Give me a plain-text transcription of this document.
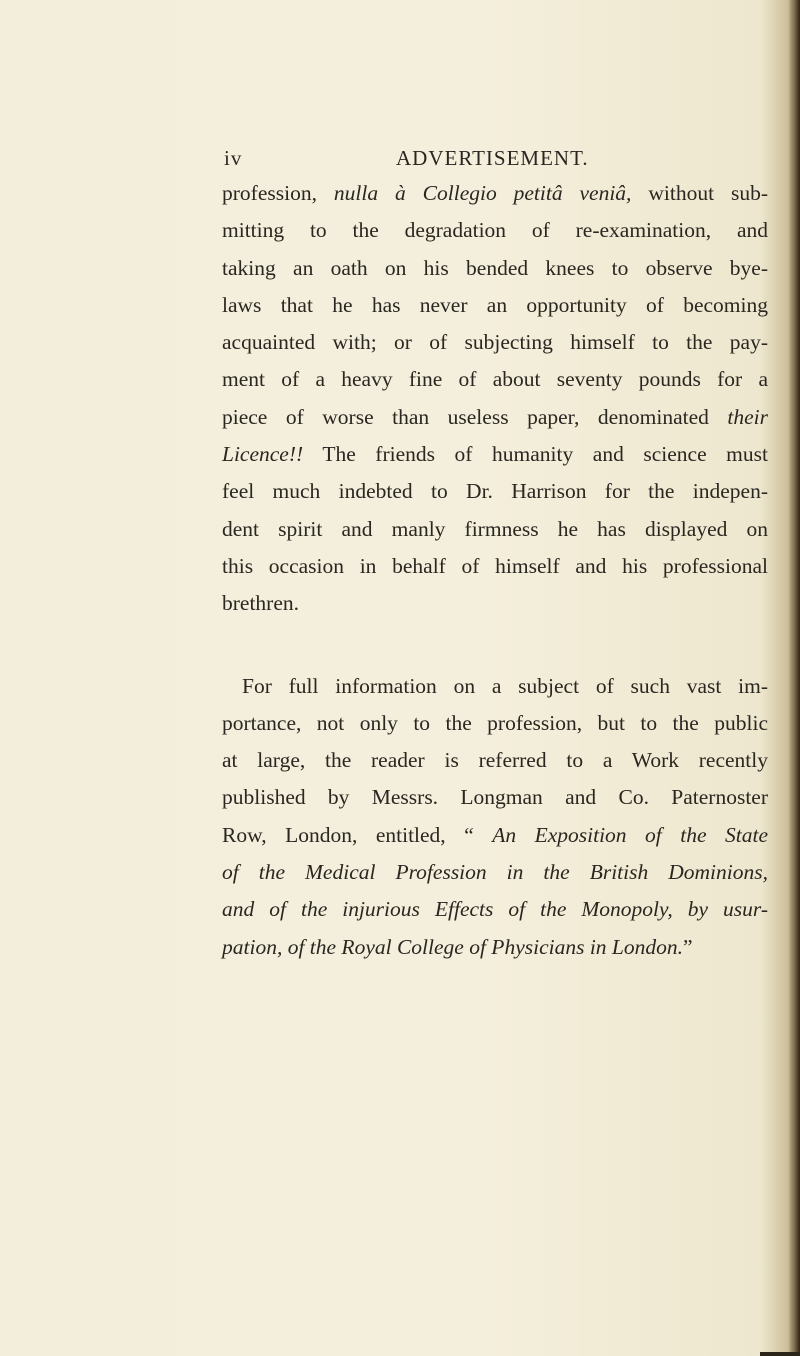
iv	ADVERTISEMENT.
profession, nulla à Collegio petitâ veniâ, without sub-
mitting to the degradation of re-examination, and
taking an oath on his bended knees to observe bye-
laws that he has never an opportunity of becoming
acquainted with; or of subjecting himself to the pay-
ment of a heavy fine of about seventy pounds for a
piece of worse than useless paper, denominated their
Licence!! The friends of humanity and science must
feel much indebted to Dr. Harrison for the indepen-
dent spirit and manly firmness he has displayed on
this occasion in behalf of himself and his professional
brethren.
For full information on a subject of such vast im-
portance, not only to the profession, but to the public
at large, the reader is referred to a Work recently
published by Messrs. Longman and Co. Paternoster
Row, London, entitled, “ An Exposition of the State
of the Medical Profession in the British Dominions,
and of the injurious Effects of the Monopoly, by usur-
pation, of the Royal College of Physicians in London.”
